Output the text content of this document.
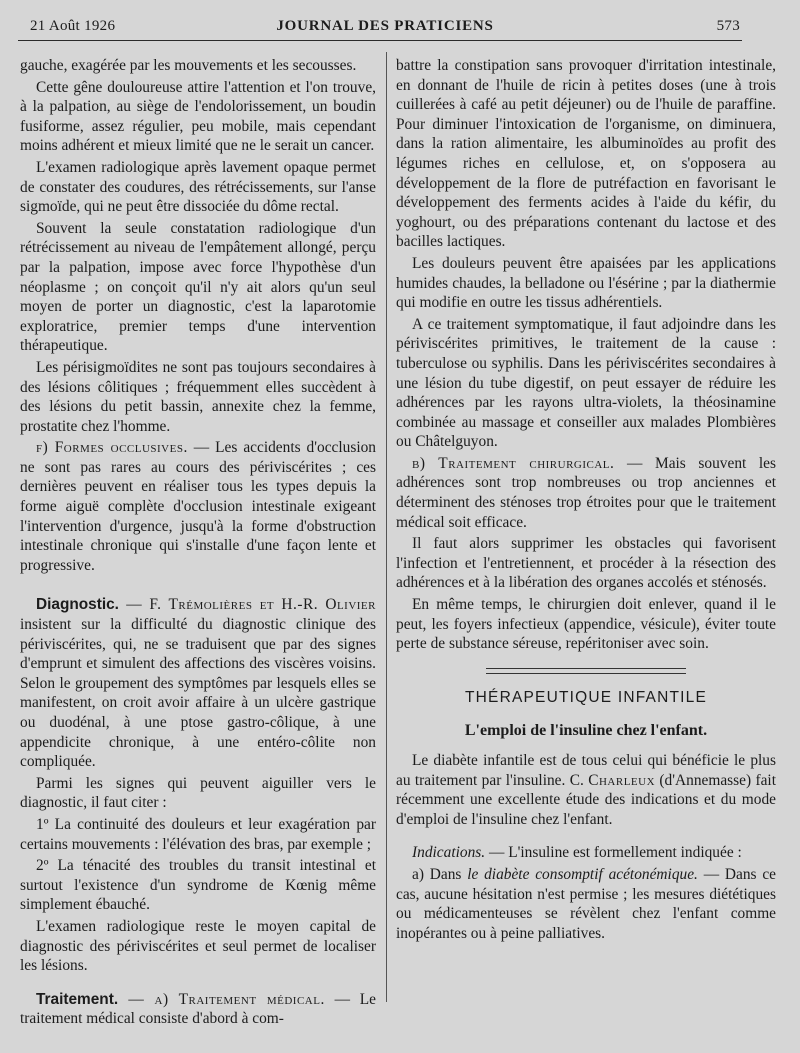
21 Août 1926	JOURNAL DES PRATICIENS	573

gauche, exagérée par les mouvements et les secousses.

Cette gêne douloureuse attire l'attention et l'on trouve, à la palpation, au siège de l'endolorissement, un boudin fusiforme, assez régulier, peu mobile, mais cependant moins adhérent et mieux limité que ne le serait un cancer.

L'examen radiologique après lavement opaque permet de constater des coudures, des rétrécissements, sur l'anse sigmoïde, qui ne peut être dissociée du dôme rectal.

Souvent la seule constatation radiologique d'un rétrécissement au niveau de l'empâtement allongé, perçu par la palpation, impose avec force l'hypothèse d'un néoplasme ; on conçoit qu'il n'y ait alors qu'un seul moyen de porter un diagnostic, c'est la laparotomie exploratrice, premier temps d'une intervention thérapeutique.

Les périsigmoïdites ne sont pas toujours secondaires à des lésions côlitiques ; fréquemment elles succèdent à des lésions du petit bassin, annexite chez la femme, prostatite chez l'homme.

f) Formes occlusives. — Les accidents d'occlusion ne sont pas rares au cours des périviscérites ; ces dernières peuvent en réaliser tous les types depuis la forme aiguë complète d'occlusion intestinale exigeant l'intervention d'urgence, jusqu'à la forme d'obstruction intestinale chronique qui s'installe d'une façon lente et progressive.

Diagnostic. — F. Trémolières et H.-R. Olivier insistent sur la difficulté du diagnostic clinique des périviscérites, qui, ne se traduisent que par des signes d'emprunt et simulent des affections des viscères voisins. Selon le groupement des symptômes par lesquels elles se manifestent, on croit avoir affaire à un ulcère gastrique ou duodénal, à une ptose gastro-côlique, à une appendicite chronique, à une entéro-côlite non compliquée.

Parmi les signes qui peuvent aiguiller vers le diagnostic, il faut citer :

1º La continuité des douleurs et leur exagération par certains mouvements : l'élévation des bras, par exemple ;

2º La ténacité des troubles du transit intestinal et surtout l'existence d'un syndrome de Kœnig même simplement ébauché.

L'examen radiologique reste le moyen capital de diagnostic des périviscérites et seul permet de localiser les lésions.

Traitement. — a) Traitement médical. — Le traitement médical consiste d'abord à com-

battre la constipation sans provoquer d'irritation intestinale, en donnant de l'huile de ricin à petites doses (une à trois cuillerées à café au petit déjeuner) ou de l'huile de paraffine. Pour diminuer l'intoxication de l'organisme, on diminuera, dans la ration alimentaire, les albuminoïdes au profit des légumes riches en cellulose, et, on s'opposera au développement de la flore de putréfaction en favorisant le développement des ferments acides à l'aide du kéfir, du yoghourt, ou des préparations contenant du lactose et des bacilles lactiques.

Les douleurs peuvent être apaisées par les applications humides chaudes, la belladone ou l'ésérine ; par la diathermie qui modifie en outre les tissus adhérentiels.

A ce traitement symptomatique, il faut adjoindre dans les périviscérites primitives, le traitement de la cause : tuberculose ou syphilis. Dans les périviscérites secondaires à une lésion du tube digestif, on peut essayer de réduire les adhérences par les rayons ultra-violets, la théosinamine combinée au massage et conseiller aux malades Plombières ou Châtelguyon.

b) Traitement chirurgical. — Mais souvent les adhérences sont trop nombreuses ou trop anciennes et déterminent des sténoses trop étroites pour que le traitement médical soit efficace.

Il faut alors supprimer les obstacles qui favorisent l'infection et l'entretiennent, et procéder à la résection des adhérences et à la libération des organes accolés et sténosés.

En même temps, le chirurgien doit enlever, quand il le peut, les foyers infectieux (appendice, vésicule), éviter toute perte de substance séreuse, repéritoniser avec soin.

THÉRAPEUTIQUE INFANTILE
L'emploi de l'insuline chez l'enfant.

Le diabète infantile est de tous celui qui bénéficie le plus au traitement par l'insuline. C. Charleux (d'Annemasse) fait récemment une excellente étude des indications et du mode d'emploi de l'insuline chez l'enfant.

Indications. — L'insuline est formellement indiquée :

a) Dans le diabète consomptif acétonémique. — Dans ce cas, aucune hésitation n'est permise ; les mesures diététiques ou médicamenteuses se révèlent chez l'enfant comme inopérantes ou à peine palliatives.
